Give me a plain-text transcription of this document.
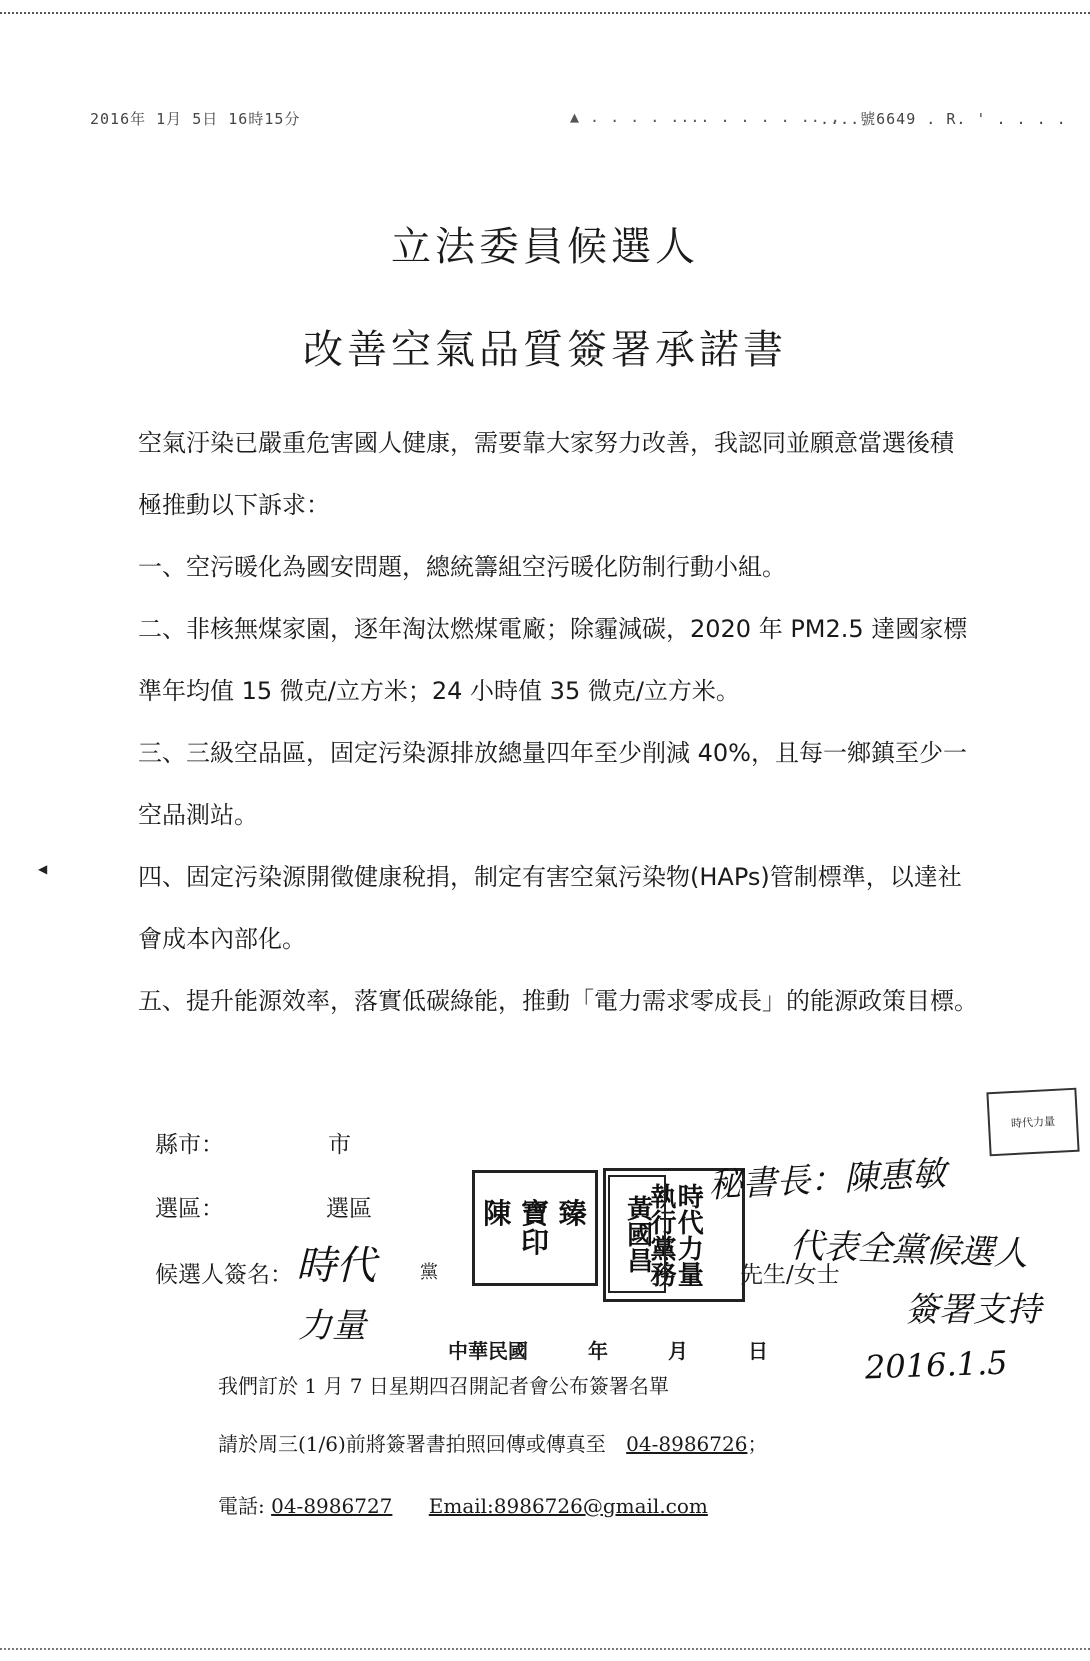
2016年 1月 5日 16時15分	▲ . . . . .... . . . . .. .
....號6649 . R. ' . . . .
立法委員候選人
改善空氣品質簽署承諾書

空氣汙染已嚴重危害國人健康，需要靠大家努力改善，我認同並願意當選後積

極推動以下訴求：

一、空污暖化為國安問題，總統籌組空污暖化防制行動小組。

二、非核無煤家園，逐年淘汰燃煤電廠；除霾減碳，2020 年 PM2.5 達國家標

準年均值 15 微克/立方米；24 小時值 35 微克/立方米。

三、三級空品區，固定污染源排放總量四年至少削減 40%，且每一鄉鎮至少一

空品測站。

四、固定污染源開徵健康稅捐，制定有害空氣污染物(HAPs)管制標準，以達社

會成本內部化。

五、提升能源效率，落實低碳綠能，推動「電力需求零成長」的能源政策目標。

◀
縣市：	市
選區：	選區
候選人簽名：	黨	先生/女士
中華民國　　　年　　　月　　　日
陳 寶 臻 印	時代力量 執行黨務
黃國昌
時代力量
時代
力量
秘書長：陳惠敏
代表全黨候選人
簽署支持
2016.1.5
我們訂於 1 月 7 日星期四召開記者會公布簽署名單
請於周三(1/6)前將簽署書拍照回傳或傳真至 04-8986726；
電話: 04-8986727 Email:8986726@gmail.com
